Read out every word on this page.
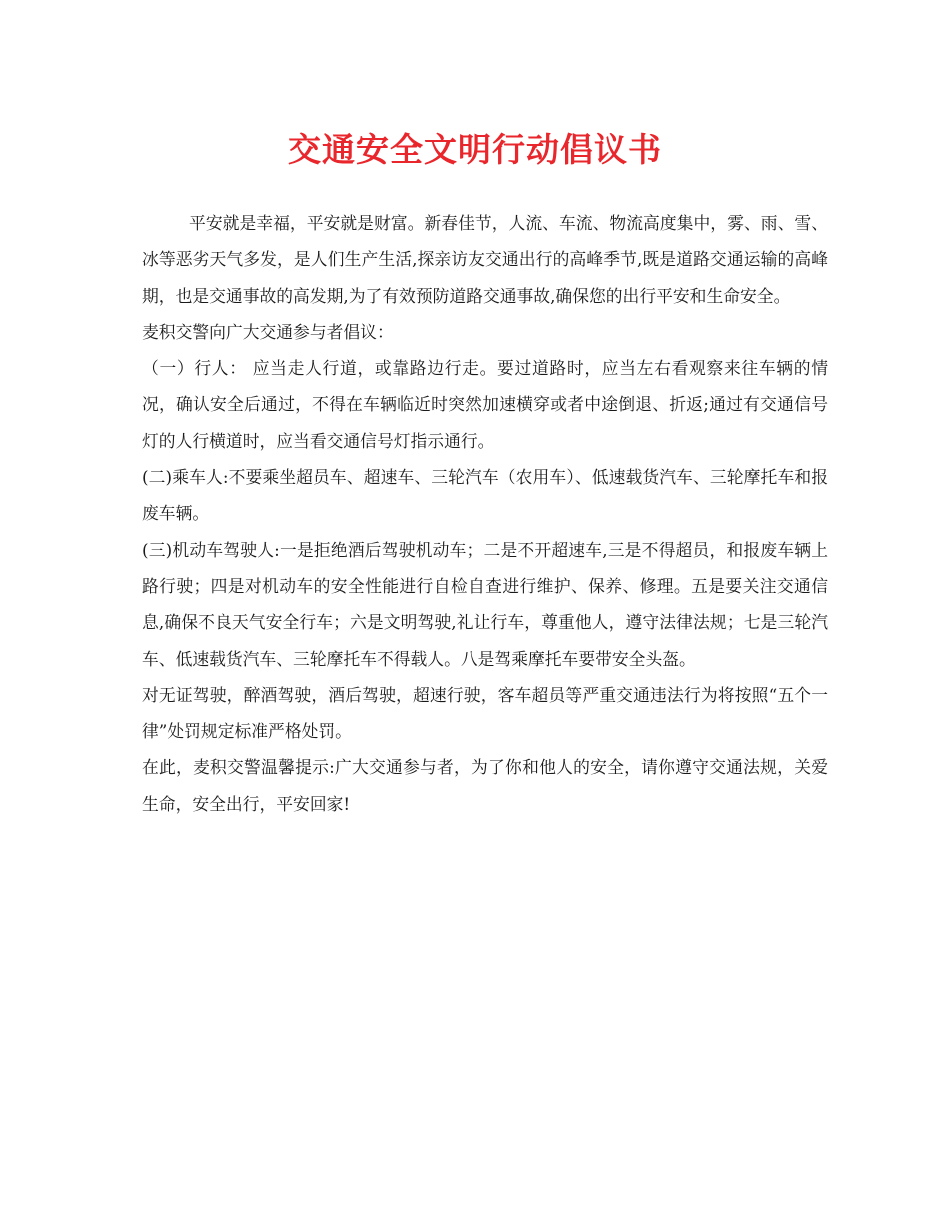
交通安全文明行动倡议书

平安就是幸福，平安就是财富。新春佳节，人流、车流、物流高度集中，雾、雨、雪、冰等恶劣天气多发，是人们生产生活,探亲访友交通出行的高峰季节,既是道路交通运输的高峰期，也是交通事故的高发期,为了有效预防道路交通事故,确保您的出行平安和生命安全。

麦积交警向广大交通参与者倡议：

（一）行人： 应当走人行道，或靠路边行走。要过道路时，应当左右看观察来往车辆的情况，确认安全后通过，不得在车辆临近时突然加速横穿或者中途倒退、折返;通过有交通信号灯的人行横道时，应当看交通信号灯指示通行。

(二)乘车人:不要乘坐超员车、超速车、三轮汽车（农用车）、低速载货汽车、三轮摩托车和报废车辆。

(三)机动车驾驶人:一是拒绝酒后驾驶机动车；二是不开超速车,三是不得超员，和报废车辆上路行驶；四是对机动车的安全性能进行自检自查进行维护、保养、修理。五是要关注交通信息,确保不良天气安全行车；六是文明驾驶,礼让行车，尊重他人，遵守法律法规；七是三轮汽车、低速载货汽车、三轮摩托车不得载人。八是驾乘摩托车要带安全头盔。

对无证驾驶，醉酒驾驶，酒后驾驶，超速行驶，客车超员等严重交通违法行为将按照“五个一律”处罚规定标准严格处罚。

在此，麦积交警温馨提示:广大交通参与者，为了你和他人的安全，请你遵守交通法规，关爱生命，安全出行，平安回家!
